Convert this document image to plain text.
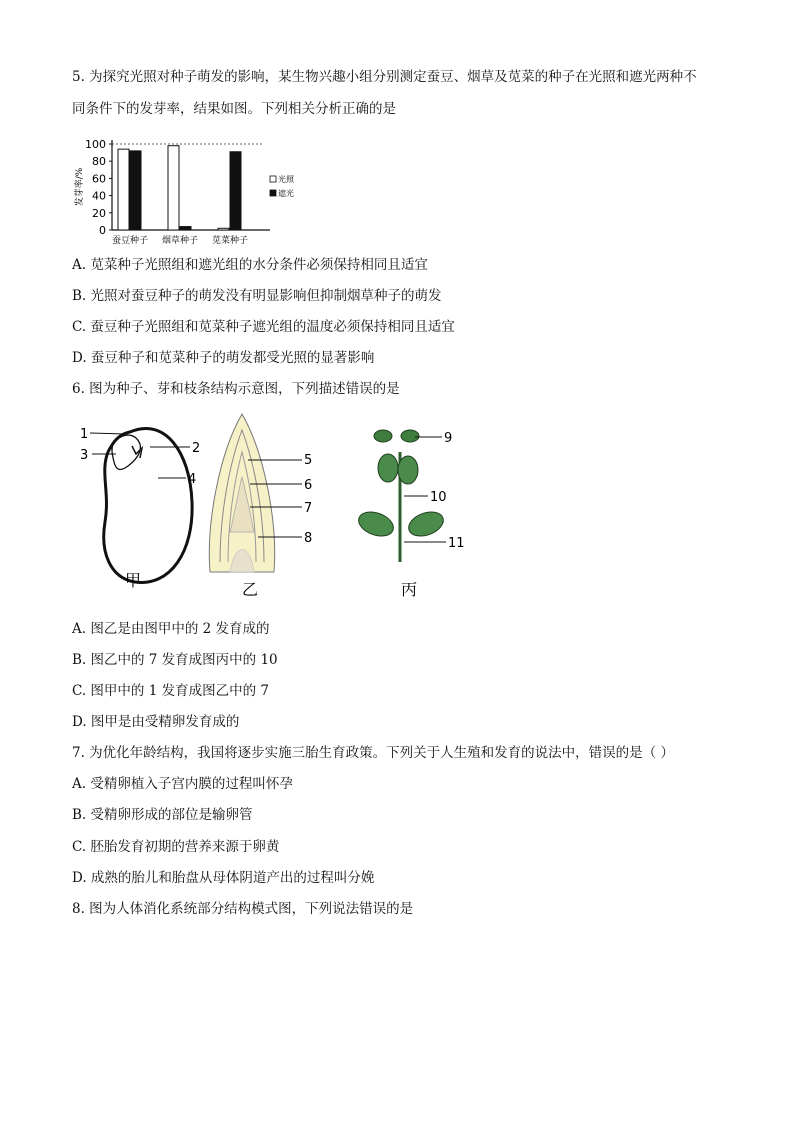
5. 为探究光照对种子萌发的影响，某生物兴趣小组分别测定蚕豆、烟草及苋菜的种子在光照和遮光两种不
同条件下的发芽率，结果如图。下列相关分析正确的是
0
20
40
60
80
100
发芽率/%
蚕豆种子 烟草种子 苋菜种子
光照
遮光
A. 苋菜种子光照组和遮光组的水分条件必须保持相同且适宜
B. 光照对蚕豆种子的萌发没有明显影响但抑制烟草种子的萌发
C. 蚕豆种子光照组和苋菜种子遮光组的温度必须保持相同且适宜
D. 蚕豆种子和苋菜种子的萌发都受光照的显著影响
6. 图为种子、芽和枝条结构示意图，下列描述错误的是
1
2
3
4
甲
5
6
7
8
乙
9
10
11
丙
A. 图乙是由图甲中的 2 发育成的
B. 图乙中的 7 发育成图丙中的 10
C. 图甲中的 1 发育成图乙中的 7
D. 图甲是由受精卵发育成的
7. 为优化年龄结构，我国将逐步实施三胎生育政策。下列关于人生殖和发育的说法中，错误的是（ ）
A. 受精卵植入子宫内膜的过程叫怀孕
B. 受精卵形成的部位是输卵管
C. 胚胎发育初期的营养来源于卵黄
D. 成熟的胎儿和胎盘从母体阴道产出的过程叫分娩
8. 图为人体消化系统部分结构模式图，下列说法错误的是
